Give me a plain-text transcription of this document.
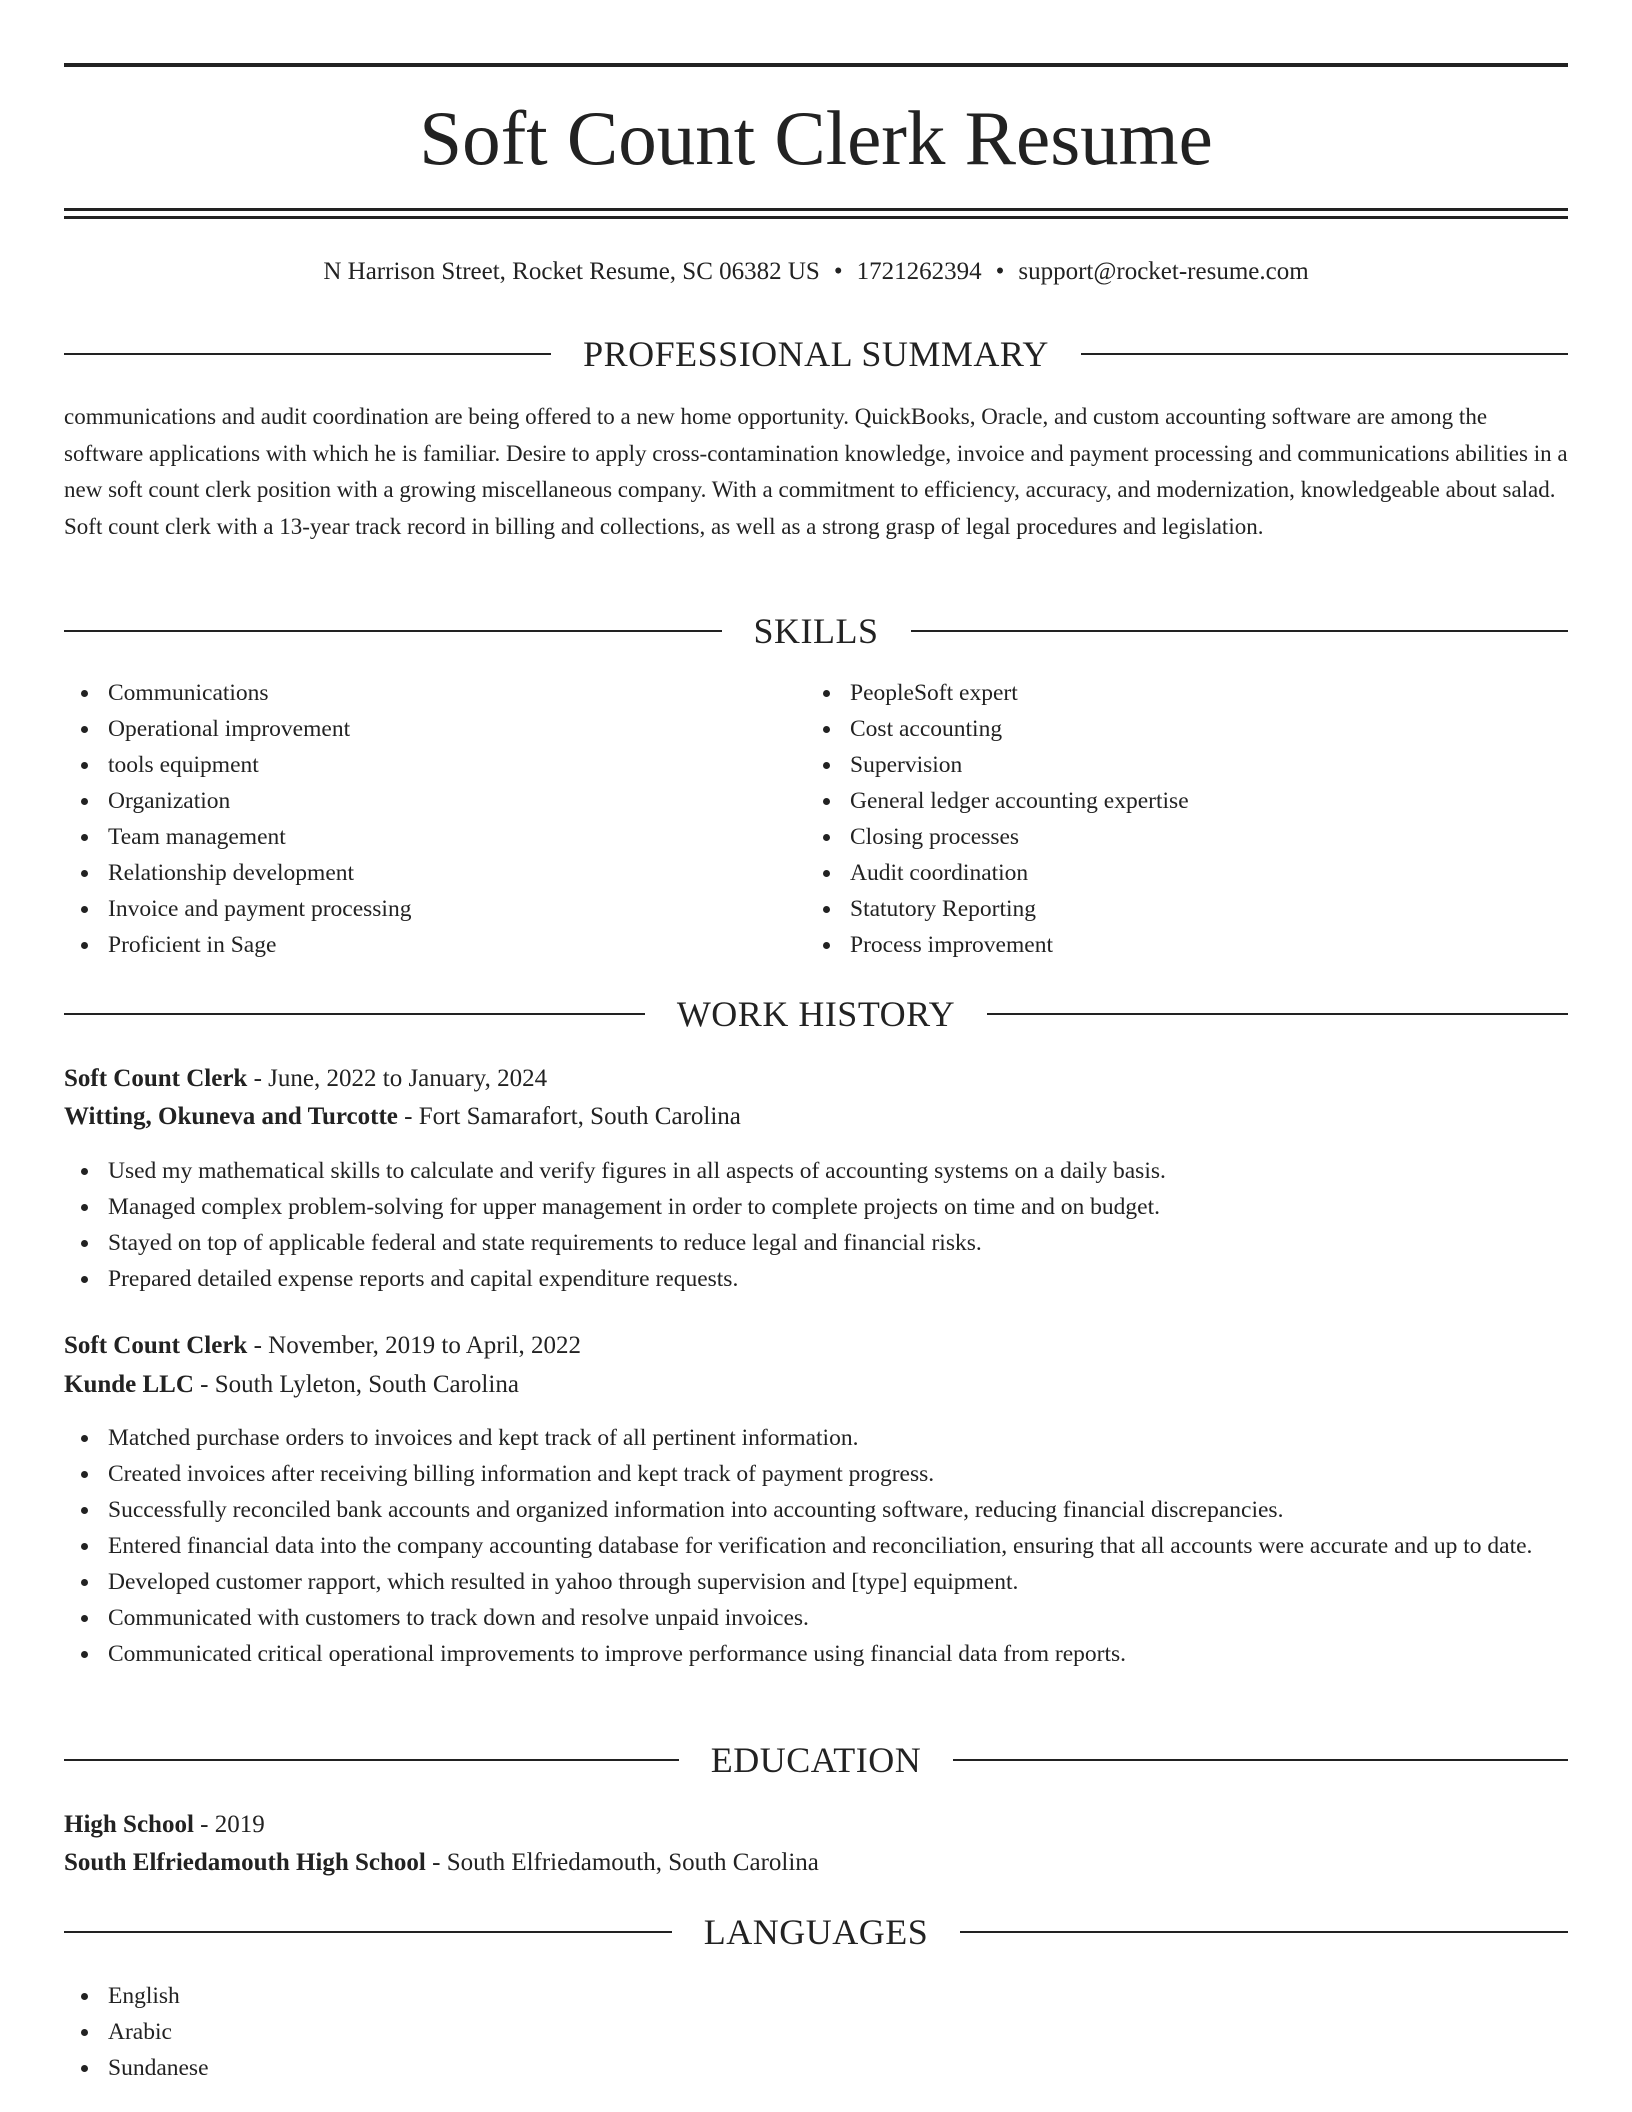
Soft Count Clerk Resume
N Harrison Street, Rocket Resume, SC 06382 US • 1721262394 • support@rocket-resume.com
PROFESSIONAL SUMMARY

communications and audit coordination are being offered to a new home opportunity. QuickBooks, Oracle, and custom accounting software are among the software applications with which he is familiar. Desire to apply cross-contamination knowledge, invoice and payment processing and communications abilities in a new soft count clerk position with a growing miscellaneous company. With a commitment to efficiency, accuracy, and modernization, knowledgeable about salad. Soft count clerk with a 13-year track record in billing and collections, as well as a strong grasp of legal procedures and legislation.

SKILLS
Communications
Operational improvement
tools equipment
Organization
Team management
Relationship development
Invoice and payment processing
Proficient in Sage
PeopleSoft expert
Cost accounting
Supervision
General ledger accounting expertise
Closing processes
Audit coordination
Statutory Reporting
Process improvement
WORK HISTORY
Soft Count Clerk - June, 2022 to January, 2024
Witting, Okuneva and Turcotte - Fort Samarafort, South Carolina
Used my mathematical skills to calculate and verify figures in all aspects of accounting systems on a daily basis.
Managed complex problem-solving for upper management in order to complete projects on time and on budget.
Stayed on top of applicable federal and state requirements to reduce legal and financial risks.
Prepared detailed expense reports and capital expenditure requests.
Soft Count Clerk - November, 2019 to April, 2022
Kunde LLC - South Lyleton, South Carolina
Matched purchase orders to invoices and kept track of all pertinent information.
Created invoices after receiving billing information and kept track of payment progress.
Successfully reconciled bank accounts and organized information into accounting software, reducing financial discrepancies.
Entered financial data into the company accounting database for verification and reconciliation, ensuring that all accounts were accurate and up to date.
Developed customer rapport, which resulted in yahoo through supervision and [type] equipment.
Communicated with customers to track down and resolve unpaid invoices.
Communicated critical operational improvements to improve performance using financial data from reports.
EDUCATION
High School - 2019
South Elfriedamouth High School - South Elfriedamouth, South Carolina
LANGUAGES
English
Arabic
Sundanese
